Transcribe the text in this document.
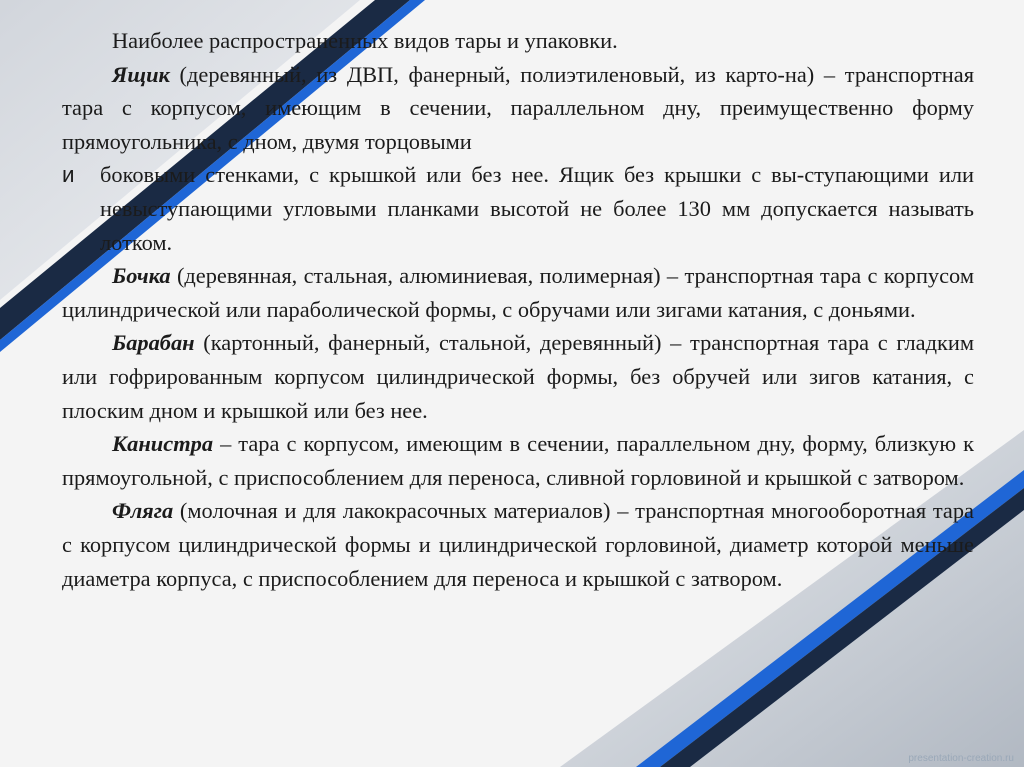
Наиболее распространенных видов тары и упаковки.

Ящик (деревянный, из ДВП, фанерный, полиэтиленовый, из карто-на) – транспортная тара с корпусом, имеющим в сечении, параллельном дну, преимущественно форму прямоугольника, с дном, двумя торцовыми

и боковыми стенками, с крышкой или без нее. Ящик без крышки с вы-ступающими или невыступающими угловыми планками высотой не более 130 мм допускается называть лотком.

Бочка (деревянная, стальная, алюминиевая, полимерная) – транспортная тара с корпусом цилиндрической или параболической формы, с обручами или зигами катания, с доньями.

Барабан (картонный, фанерный, стальной, деревянный) – транспортная тара с гладким или гофрированным корпусом цилиндрической формы, без обручей или зигов катания, с плоским дном и крышкой или без нее.

Канистра – тара с корпусом, имеющим в сечении, параллельном дну, форму, близкую к прямоугольной, с приспособлением для переноса, сливной горловиной и крышкой с затвором.

Фляга (молочная и для лакокрасочных материалов) – транспортная многооборотная тара с корпусом цилиндрической формы и цилиндрической горловиной, диаметр которой меньше диаметра корпуса, с приспособлением для переноса и крышкой с затвором.

presentation-creation.ru
